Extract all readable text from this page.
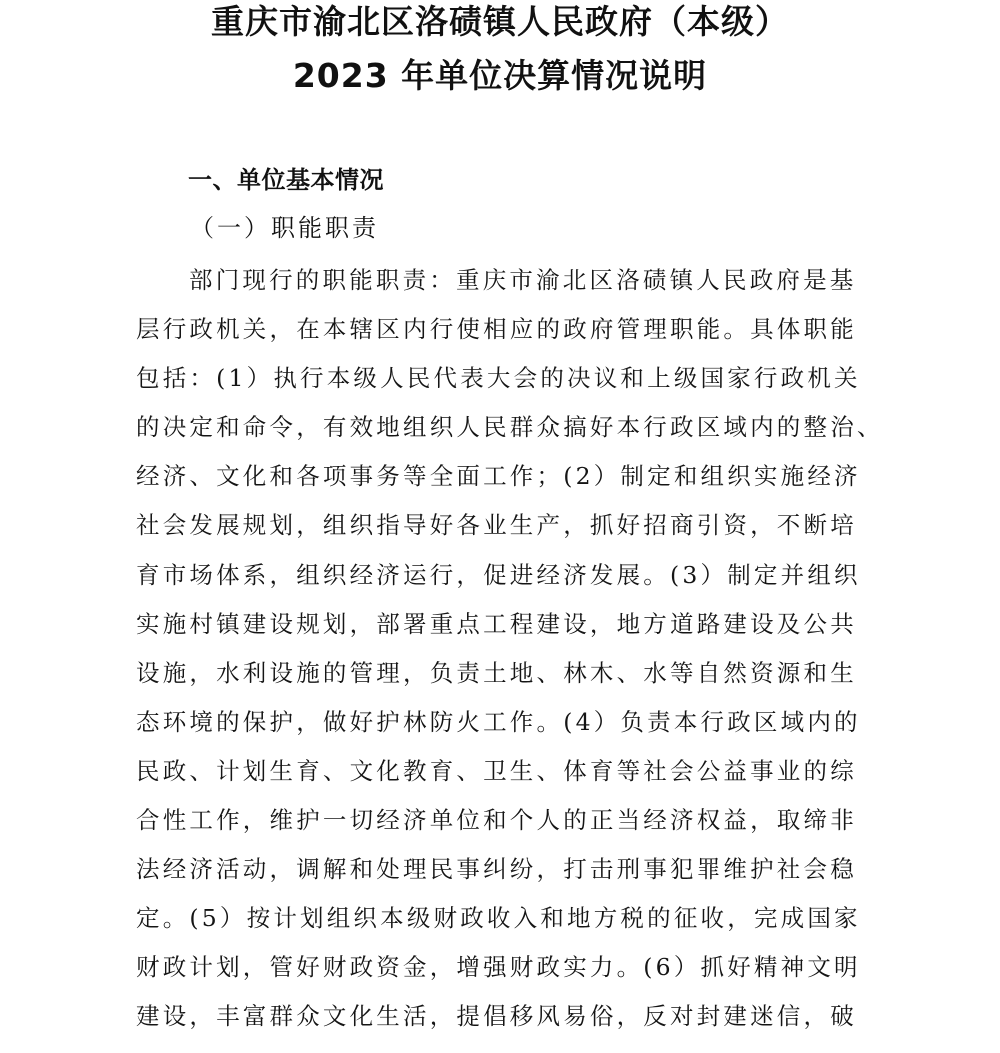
重庆市渝北区洛碛镇人民政府（本级）
2023 年单位决算情况说明
一、单位基本情况
（一）职能职责
部门现行的职能职责：重庆市渝北区洛碛镇人民政府是基
层行政机关，在本辖区内行使相应的政府管理职能。具体职能
包括：(1）执行本级人民代表大会的决议和上级国家行政机关
的决定和命令，有效地组织人民群众搞好本行政区域内的整治、
经济、文化和各项事务等全面工作；(2）制定和组织实施经济
社会发展规划，组织指导好各业生产，抓好招商引资，不断培
育市场体系，组织经济运行，促进经济发展。(3）制定并组织
实施村镇建设规划，部署重点工程建设，地方道路建设及公共
设施，水利设施的管理，负责土地、林木、水等自然资源和生
态环境的保护，做好护林防火工作。(4）负责本行政区域内的
民政、计划生育、文化教育、卫生、体育等社会公益事业的综
合性工作，维护一切经济单位和个人的正当经济权益，取缔非
法经济活动，调解和处理民事纠纷，打击刑事犯罪维护社会稳
定。(5）按计划组织本级财政收入和地方税的征收，完成国家
财政计划，管好财政资金，增强财政实力。(6）抓好精神文明
建设，丰富群众文化生活，提倡移风易俗，反对封建迷信，破
